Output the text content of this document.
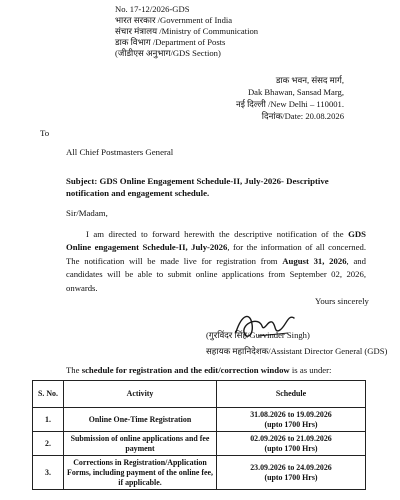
No. 17-12/2026-GDS
भारत सरकार /Government of India
संचार मंत्रालय /Ministry of Communication
डाक विभाग /Department of Posts
(जीडीएस अनुभाग/GDS Section)
डाक भवन, संसद मार्ग,
Dak Bhawan, Sansad Marg,
नई दिल्ली /New Delhi – 110001.
दिनांक/Date: 20.08.2026
To
All Chief Postmasters General
Subject: GDS Online Engagement Schedule-II, July-2026- Descriptive notification and engagement schedule.
Sir/Madam,
I am directed to forward herewith the descriptive notification of the GDS Online engagement Schedule-II, July-2026, for the information of all concerned. The notification will be made live for registration from August 31, 2026, and candidates will be able to submit online applications from September 02, 2026, onwards.
Yours sincerely
(गुरविंदर सिंह/Gurvinder Singh)
सहायक महानिदेशक/Assistant Director General (GDS)
The schedule for registration and the edit/correction window is as under:
S. No.	Activity	Schedule
1.	Online One-Time Registration	31.08.2026 to 19.09.2026
(upto 1700 Hrs)

2.	Submission of online applications and fee payment	02.09.2026 to 21.09.2026
(upto 1700 Hrs)

3.	Corrections in Registration/Application Forms, including payment of the online fee, if applicable.	23.09.2026 to 24.09.2026
(upto 1700 Hrs)
